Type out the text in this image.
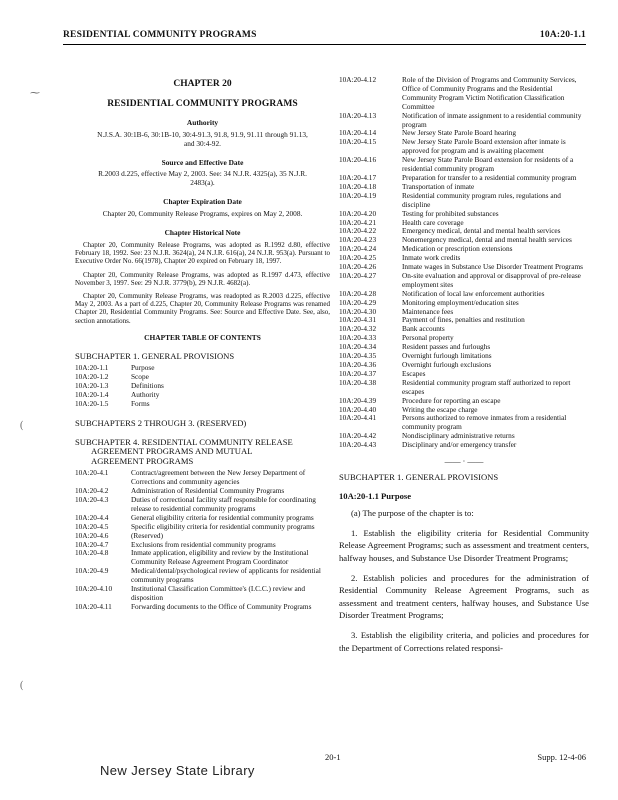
RESIDENTIAL COMMUNITY PROGRAMS	10A:20-1.1
⁓
(
(
CHAPTER 20
RESIDENTIAL COMMUNITY PROGRAMS
Authority
N.J.S.A. 30:1B-6, 30:1B-10, 30:4-91.3, 91.8, 91.9, 91.11 through 91.13, and 30:4-92.
Source and Effective Date
R.2003 d.225, effective May 2, 2003. See: 34 N.J.R. 4325(a), 35 N.J.R. 2483(a).
Chapter Expiration Date
Chapter 20, Community Release Programs, expires on May 2, 2008.
Chapter Historical Note

Chapter 20, Community Release Programs, was adopted as R.1992 d.80, effective February 18, 1992. See: 23 N.J.R. 3624(a), 24 N.J.R. 616(a), 24 N.J.R. 953(a). Pursuant to Executive Order No. 66(1978), Chapter 20 expired on February 18, 1997.

Chapter 20, Community Release Programs, was adopted as R.1997 d.473, effective November 3, 1997. See: 29 N.J.R. 3779(b), 29 N.J.R. 4682(a).

Chapter 20, Community Release Programs, was readopted as R.2003 d.225, effective May 2, 2003. As a part of d.225, Chapter 20, Community Release Programs was renamed Chapter 20, Residential Community Programs. See: Source and Effective Date. See, also, section annotations.

CHAPTER TABLE OF CONTENTS
SUBCHAPTER 1. GENERAL PROVISIONS
10A:20-1.1	Purpose
10A:20-1.2	Scope
10A:20-1.3	Definitions
10A:20-1.4	Authority
10A:20-1.5	Forms
SUBCHAPTERS 2 THROUGH 3. (RESERVED)
SUBCHAPTER 4. RESIDENTIAL COMMUNITY RELEASE
AGREEMENT PROGRAMS AND MUTUAL
AGREEMENT PROGRAMS
10A:20-4.1	Contract/agreement between the New Jersey Department of Corrections and community agencies
10A:20-4.2	Administration of Residential Community Programs
10A:20-4.3	Duties of correctional facility staff responsible for coordinating release to residential community programs
10A:20-4.4	General eligibility criteria for residential community programs
10A:20-4.5	Specific eligibility criteria for residential community programs
10A:20-4.6	(Reserved)
10A:20-4.7	Exclusions from residential community programs
10A:20-4.8	Inmate application, eligibility and review by the Institutional Community Release Agreement Program Coordinator
10A:20-4.9	Medical/dental/psychological review of applicants for residential community programs
10A:20-4.10	Institutional Classification Committee's (I.C.C.) review and disposition
10A:20-4.11	Forwarding documents to the Office of Community Programs
10A:20-4.12	Role of the Division of Programs and Community Services, Office of Community Programs and the Residential Community Program Victim Notification Classification Committee
10A:20-4.13	Notification of inmate assignment to a residential community program
10A:20-4.14	New Jersey State Parole Board hearing
10A:20-4.15	New Jersey State Parole Board extension after inmate is approved for program and is awaiting placement
10A:20-4.16	New Jersey State Parole Board extension for residents of a residential community program
10A:20-4.17	Preparation for transfer to a residential community program
10A:20-4.18	Transportation of inmate
10A:20-4.19	Residential community program rules, regulations and discipline
10A:20-4.20	Testing for prohibited substances
10A:20-4.21	Health care coverage
10A:20-4.22	Emergency medical, dental and mental health services
10A:20-4.23	Nonemergency medical, dental and mental health services
10A:20-4.24	Medication or prescription extensions
10A:20-4.25	Inmate work credits
10A:20-4.26	Inmate wages in Substance Use Disorder Treatment Programs
10A:20-4.27	On-site evaluation and approval or disapproval of pre-release employment sites
10A:20-4.28	Notification of local law enforcement authorities
10A:20-4.29	Monitoring employment/education sites
10A:20-4.30	Maintenance fees
10A:20-4.31	Payment of fines, penalties and restitution
10A:20-4.32	Bank accounts
10A:20-4.33	Personal property
10A:20-4.34	Resident passes and furloughs
10A:20-4.35	Overnight furlough limitations
10A:20-4.36	Overnight furlough exclusions
10A:20-4.37	Escapes
10A:20-4.38	Residential community program staff authorized to report escapes
10A:20-4.39	Procedure for reporting an escape
10A:20-4.40	Writing the escape charge
10A:20-4.41	Persons authorized to remove inmates from a residential community program
10A:20-4.42	Nondisciplinary administrative returns
10A:20-4.43	Disciplinary and/or emergency transfer
—— · ——
SUBCHAPTER 1. GENERAL PROVISIONS
10A:20-1.1 Purpose

(a) The purpose of the chapter is to:

1. Establish the eligibility criteria for Residential Community Release Agreement Programs; such as assessment and treatment centers, halfway houses, and Substance Use Disorder Treatment Programs;

2. Establish policies and procedures for the administration of Residential Community Release Agreement Programs, such as assessment and treatment centers, halfway houses, and Substance Use Disorder Treatment Programs;

3. Establish the eligibility criteria, and policies and procedures for the Department of Corrections related responsi-

20-1	Supp. 12-4-06
New Jersey State Library
